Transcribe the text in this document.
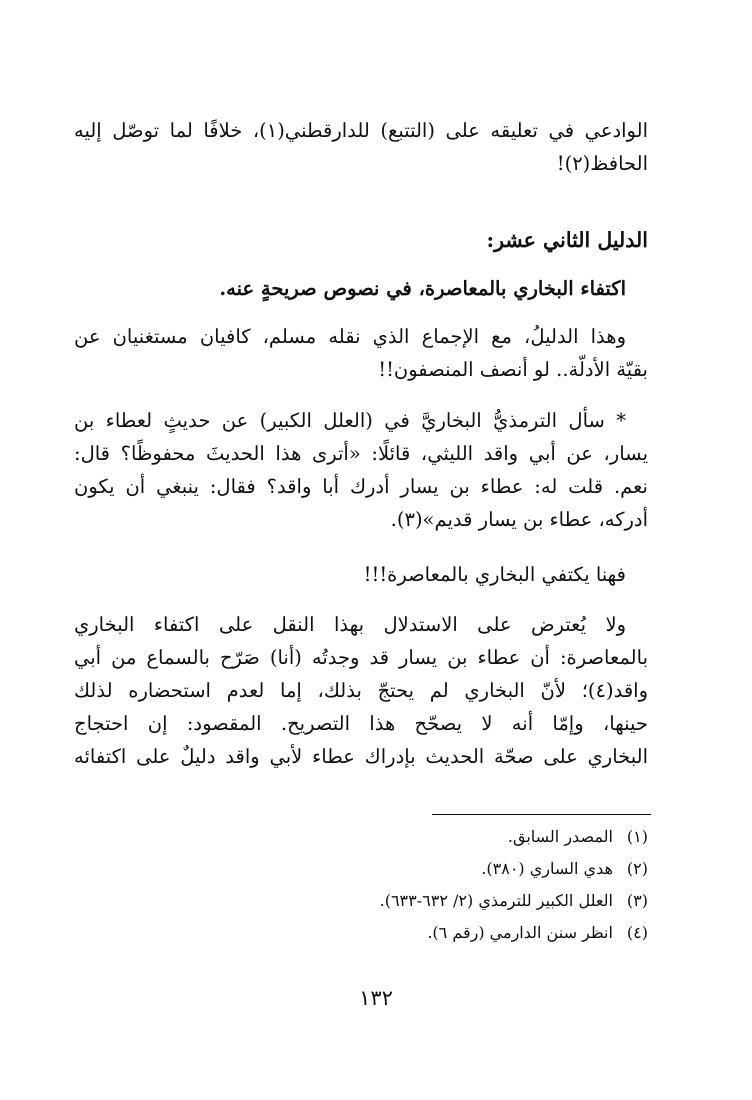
الوادعي في تعليقه على (التتبع) للدارقطني(١)، خلافًا لما توصّل إليه
الحافظ(٢)!
الدليل الثاني عشر:
اكتفاء البخاري بالمعاصرة، في نصوص صريحةٍ عنه.
وهذا الدليلُ، مع الإجماع الذي نقله مسلم، كافيان مستغنيان عن
بقيّة الأدلّة.. لو أنصف المنصفون!!
* سأل الترمذيُّ البخاريَّ في (العلل الكبير) عن حديثٍ لعطاء بن
يسار، عن أبي واقد الليثي، قائلًا: «أترى هذا الحديثَ محفوظًا؟ قال:
نعم. قلت له: عطاء بن يسار أدرك أبا واقد؟ فقال: ينبغي أن يكون
أدركه، عطاء بن يسار قديم»(٣).
فهنا يكتفي البخاري بالمعاصرة!!!
ولا يُعترض على الاستدلال بهذا النقل على اكتفاء البخاري
بالمعاصرة: أن عطاء بن يسار قد وجدتُه (أنا) صَرّح بالسماع من أبي
واقد(٤)؛ لأنّ البخاري لم يحتجّ بذلك، إما لعدم استحضاره لذلك
حينها، وإمّا أنه لا يصحّح هذا التصريح. المقصود: إن احتجاج
البخاري على صحّة الحديث بإدراك عطاء لأبي واقد دليلٌ على اكتفائه
(١) المصدر السابق.
(٢) هدي الساري (٣٨٠).
(٣) العلل الكبير للترمذي (٢/ ٦٣٢-٦٣٣).
(٤) انظر سنن الدارمي (رقم ٦).
١٣٢
